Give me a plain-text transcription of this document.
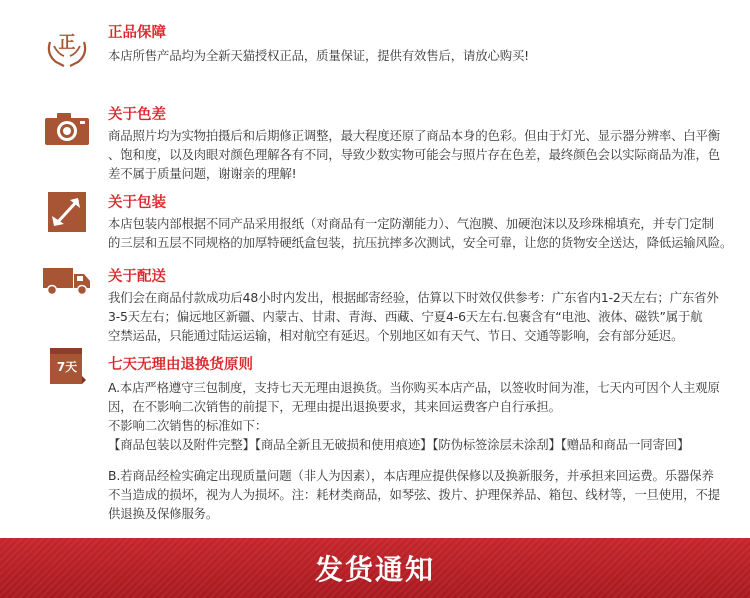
正 正品保障
本店所售产品均为全新天猫授权正品，质量保证，提供有效售后，请放心购买!
关于色差
商品照片均为实物拍摄后和后期修正调整，最大程度还原了商品本身的色彩。但由于灯光、显示器分辨率、白平衡
、饱和度，以及肉眼对颜色理解各有不同，导致少数实物可能会与照片存在色差，最终颜色会以实际商品为准，色
差不属于质量问题，谢谢亲的理解!
关于包装
本店包装内部根据不同产品采用报纸（对商品有一定防潮能力）、气泡膜、加硬泡沫以及珍珠棉填充，并专门定制
的三层和五层不同规格的加厚特硬纸盒包装，抗压抗摔多次测试，安全可靠，让您的货物安全送达，降低运输风险。
关于配送
我们会在商品付款成功后48小时内发出，根据邮寄经验，估算以下时效仅供参考：广东省内1-2天左右；广东省外
3-5天左右；偏远地区新疆、内蒙古、甘肃、青海、西藏、宁夏4-6天左右.包裹含有“电池、液体、磁铁”属于航
空禁运品，只能通过陆运运输，相对航空有延迟。个别地区如有天气、节日、交通等影响，会有部分延迟。
7天 七天无理由退换货原则
A.本店严格遵守三包制度，支持七天无理由退换货。当你购买本店产品，以签收时间为准，七天内可因个人主观原
因，在不影响二次销售的前提下，无理由提出退换要求，其来回运费客户自行承担。
不影响二次销售的标准如下：
【商品包装以及附件完整】【商品全新且无破损和使用痕迹】【防伪标签涂层未涂刮】【赠品和商品一同寄回】
B.若商品经检实确定出现质量问题（非人为因素），本店理应提供保修以及换新服务，并承担来回运费。乐器保养
不当造成的损坏，视为人为损坏。注：耗材类商品，如琴弦、拨片、护理保养品、箱包、线材等，一旦使用，不提
供退换及保修服务。
发货通知
